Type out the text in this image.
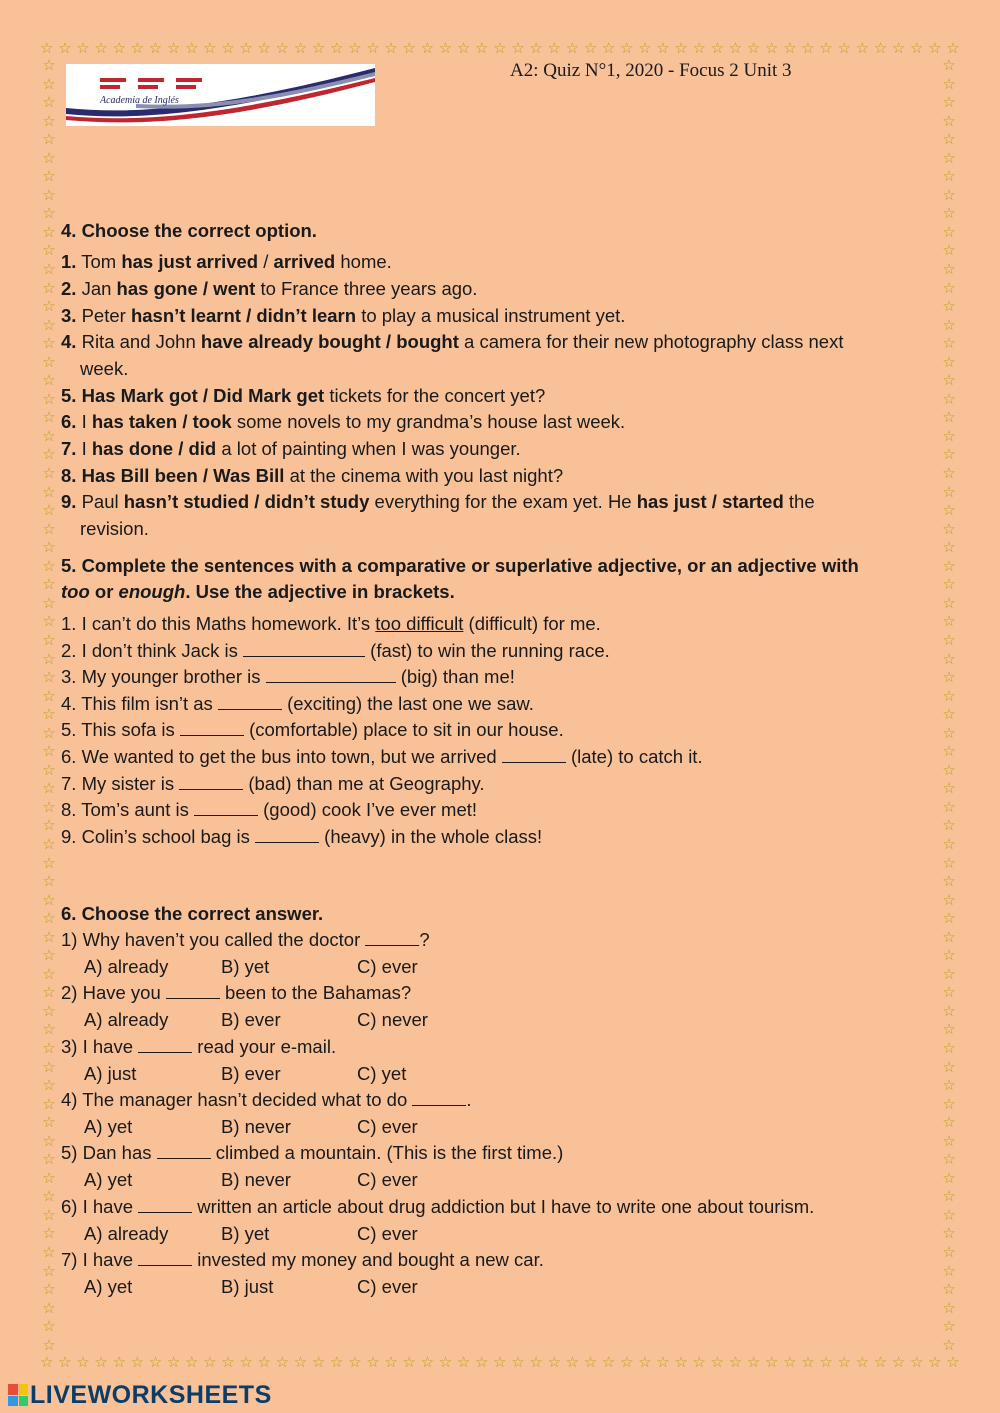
☆ ☆ ☆ ☆ ☆ ☆ ☆ ☆ ☆ ☆ ☆ ☆ ☆ ☆ ☆ ☆ ☆ ☆ ☆ ☆ ☆ ☆ ☆ ☆ ☆ ☆ ☆ ☆ ☆ ☆ ☆ ☆ ☆ ☆ ☆ ☆ ☆ ☆ ☆ ☆ ☆ ☆ ☆ ☆ ☆ ☆ ☆ ☆ ☆ ☆ ☆
☆ ☆ ☆ ☆ ☆ ☆ ☆ ☆ ☆ ☆ ☆ ☆ ☆ ☆ ☆ ☆ ☆ ☆ ☆ ☆ ☆ ☆ ☆ ☆ ☆ ☆ ☆ ☆ ☆ ☆ ☆ ☆ ☆ ☆ ☆ ☆ ☆ ☆ ☆ ☆ ☆ ☆ ☆ ☆ ☆ ☆ ☆ ☆ ☆ ☆ ☆
☆
☆
☆
☆
☆
☆
☆
☆
☆
☆
☆
☆
☆
☆
☆
☆
☆
☆
☆
☆
☆
☆
☆
☆
☆
☆
☆
☆
☆
☆
☆
☆
☆
☆
☆
☆
☆
☆
☆
☆
☆
☆
☆
☆
☆
☆
☆
☆
☆
☆
☆
☆
☆
☆
☆
☆
☆
☆
☆
☆
☆
☆
☆
☆
☆
☆
☆
☆
☆
☆
☆
☆
☆
☆
☆
☆
☆
☆
☆
☆
☆
☆
☆
☆
☆
☆
☆
☆
☆
☆
☆
☆
☆
☆
☆
☆
☆
☆
☆
☆
☆
☆
☆
☆
☆
☆
☆
☆
☆
☆
☆
☆
☆
☆
☆
☆
☆
☆
☆
☆
☆
☆
☆
☆
☆
☆
☆
☆
☆
☆
☆
☆
☆
☆
☆
☆
☆
☆
☆
☆
Academia de Inglés
A2: Quiz N°1, 2020 - Focus 2 Unit 3
4. Choose the correct option.
1. Tom has just arrived / arrived home.
2. Jan has gone / went to France three years ago.
3. Peter hasn’t learnt / didn’t learn to play a musical instrument yet.
4. Rita and John have already bought / bought a camera for their new photography class next
week.
5. Has Mark got / Did Mark get tickets for the concert yet?
6. I has taken / took some novels to my grandma’s house last week.
7. I has done / did a lot of painting when I was younger.
8. Has Bill been / Was Bill at the cinema with you last night?
9. Paul hasn’t studied / didn’t study everything for the exam yet. He has just / started the
revision.
5. Complete the sentences with a comparative or superlative adjective, or an adjective with
too or enough. Use the adjective in brackets.
1. I can’t do this Maths homework. It’s too difficult (difficult) for me.
2. I don’t think Jack is	(fast) to win the running race.
3. My younger brother is	(big) than me!
4. This film isn’t as	(exciting) the last one we saw.
5. This sofa is	(comfortable) place to sit in our house.
6. We wanted to get the bus into town, but we arrived	(late) to catch it.
7. My sister is	(bad) than me at Geography.
8. Tom’s aunt is	(good) cook I’ve ever met!
9. Colin’s school bag is	(heavy) in the whole class!
6. Choose the correct answer.
1) Why haven’t you called the doctor	?
A) already	B) yet	C) ever
2) Have you	been to the Bahamas?
A) already	B) ever	C) never
3) I have	read your e-mail.
A) just	B) ever	C) yet
4) The manager hasn’t decided what to do	.
A) yet	B) never	C) ever
5) Dan has	climbed a mountain. (This is the first time.)
A) yet	B) never	C) ever
6) I have	written an article about drug addiction but I have to write one about tourism.
A) already	B) yet	C) ever
7) I have	invested my money and bought a new car.
A) yet	B) just	C) ever
LIVEWORKSHEETS
